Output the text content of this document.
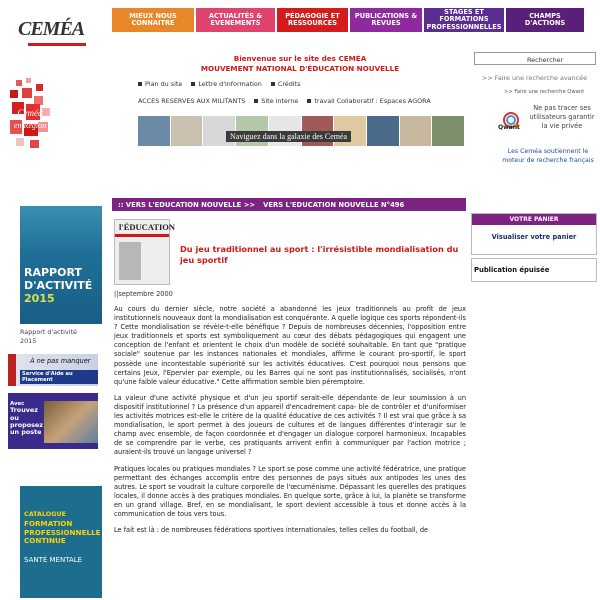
CEMÉA
MIEUX NOUS CONNAITRE
ACTUALITÉS & EVENEMENTS
PÉDAGOGIE ET RESSOURCES
PUBLICATIONS & REVUES
STAGES ET FORMATIONS PROFESSIONNELLES
CHAMPS D'ACTIONS
Ceméa
en Région
Bienvenue sur le site des CEMÉA
MOUVEMENT NATIONAL D'ÉDUCATION NOUVELLE
Plan du site	Lettre d'information	Crédits
ACCES RESERVES AUX MILITANTS	Site interne	travail Collaboratif : Espaces AGORA
Naviguez dans la galaxie des Ceméa
Rechercher
>> Faire une recherche avancée
>> Faire une recherche Qwant
Qwant
Ne pas tracer ses utilisateurs garantir la vie privée
Les Ceméa soutiennent le moteur de recherche français
RAPPORT
D'ACTIVITÉ
2015
Rapport d'activité
2015
À ne pas manquer
Service d'Aide au Placement
Avec
Trouvez ou proposez un poste
CATALOGUE
FORMATION PROFESSIONNELLE CONTINUE
SANTÉ MENTALE
:: VERS L'EDUCATION NOUVELLE >> VERS L'EDUCATION NOUVELLE N°496
l'ÉDUCATION
Du jeu traditionnel au sport : l'irrésistible mondialisation du jeu sportif
||septembre 2000

Au cours du dernier siècle, notre société a abandonné les jeux traditionnels au profit de jeux institutionnels nouveaux dont la mondialisation est conquérante. A quelle logique ces sports répondent-ils ? Cette mondialisation se révèle-t-elle bénéfique ? Depuis de nombreuses décennies, l'opposition entre jeux traditionnels et sports est symboliquement au cœur des débats pédagogiques qui engagent une conception de l'enfant et orientent le choix d'un modèle de société souhaitable. En tant que "pratique sociale" soutenue par les instances nationales et mondiales, affirme le courant pro-sportif, le sport possède une incontestable supériorité sur les activités éducatives. C'est pourquoi nous pensons que certains Jeux, l'Epervier par exemple, ou les Barres qui ne sont pas institutionnalisés, socialisés, n'ont qu'une faible valeur éducative." Cette affirmation semble bien péremptoire.

La valeur d'une activité physique et d'un jeu sportif serait-elle dépendante de leur soumission à un dispositif institutionnel ? La présence d'un appareil d'encadrement capa- ble de contrôler et d'uniformiser les activités motrices est-elle le critère de la qualité éducative de ces activités ? Il est vrai que grâce à sa mondialisation, le sport permet à des joueurs de cultures et de langues différentes d'interagir sur le champ avec ensemble, de façon coordonnée et d'engager un dialogue corporel harmonieux. Incapables de se comprendre par le verbe, ces pratiquants arrivent enfin à communiquer par l'action motrice ; auraient-ils trouvé un langage universel ?

Pratiques locales ou pratiques mondiales ? Le sport se pose comme une activité fédératrice, une pratique permettant des échanges accomplis entre des personnes de pays situés aux antipodes les unes des autres. Le sport se voudrait la culture corporelle de l'œcuménisme. Dépassant les querelles des pratiques locales, il donne accès à des pratiques mondiales. En quelque sorte, grâce à lui, la planète se transforme en un grand village. Bref, en se mondialisant, le sport devient accessible à tous et donne accès à la communication de tous vers tous.

Le fait est là : de nombreuses fédérations sportives internationales, telles celles du football, de

VOTRE PANIER
Visualiser votre panier
Publication épuisée
